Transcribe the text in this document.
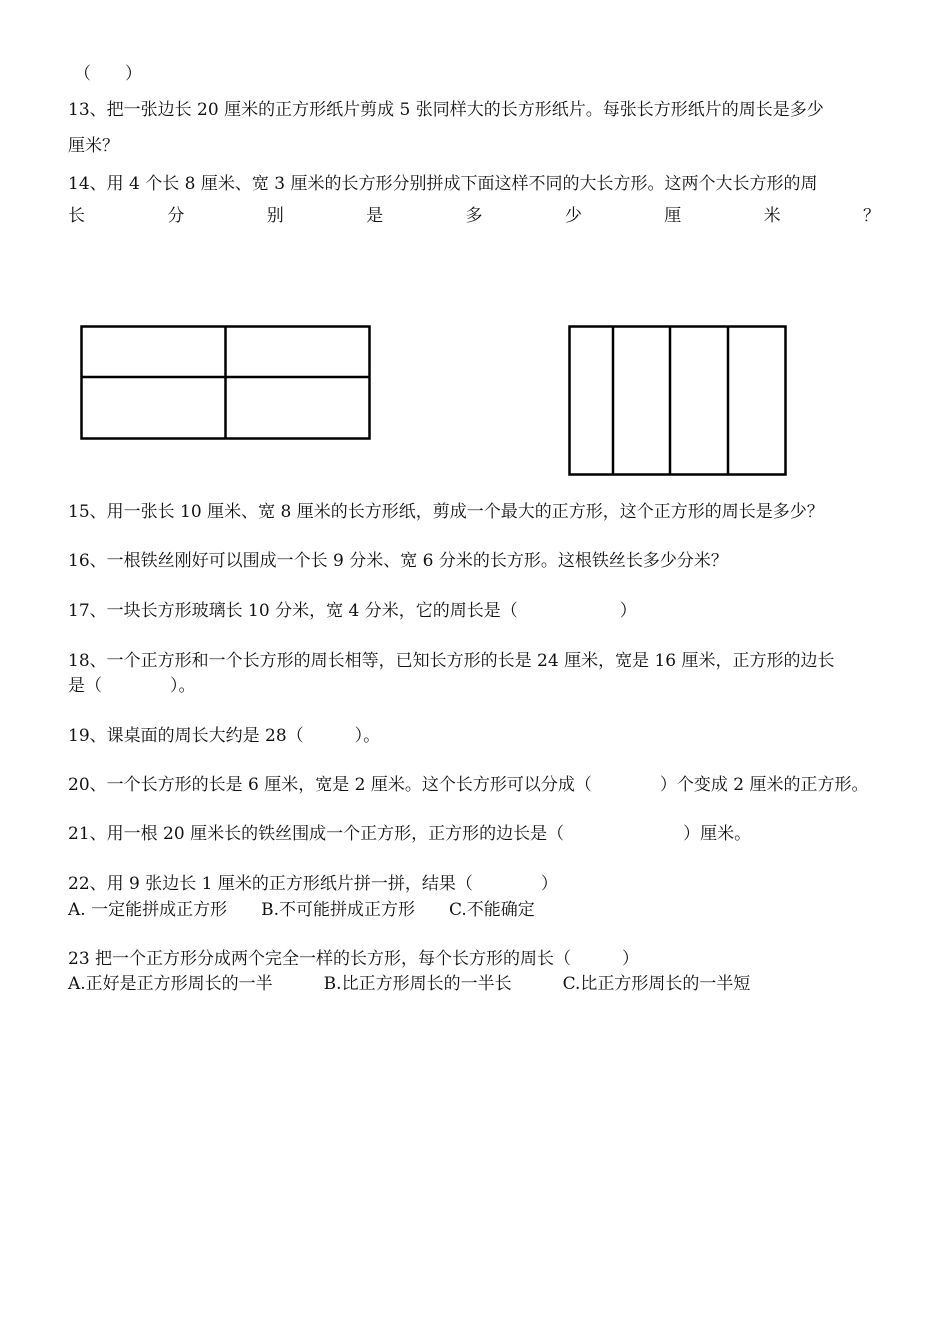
（　　）
13、把一张边长 20 厘米的正方形纸片剪成 5 张同样大的长方形纸片。每张长方形纸片的周长是多少
厘米？
14、用 4 个长 8 厘米、宽 3 厘米的长方形分别拼成下面这样不同的大长方形。这两个大长方形的周
长	分	别	是	多	少	厘	米	？
15、用一张长 10 厘米、宽 8 厘米的长方形纸，剪成一个最大的正方形，这个正方形的周长是多少？
16、一根铁丝刚好可以围成一个长 9 分米、宽 6 分米的长方形。这根铁丝长多少分米？
17、一块长方形玻璃长 10 分米，宽 4 分米，它的周长是（　　　　　　）
18、一个正方形和一个长方形的周长相等，已知长方形的长是 24 厘米，宽是 16 厘米，正方形的边长
是（　　　　）。
19、课桌面的周长大约是 28（　　　）。
20、一个长方形的长是 6 厘米，宽是 2 厘米。这个长方形可以分成（　　　　）个变成 2 厘米的正方形。
21、用一根 20 厘米长的铁丝围成一个正方形，正方形的边长是（　　　　　　　）厘米。
22、用 9 张边长 1 厘米的正方形纸片拼一拼，结果（　　　　）
A. 一定能拼成正方形　　B.不可能拼成正方形　　C.不能确定
23 把一个正方形分成两个完全一样的长方形，每个长方形的周长（　　　）
A.正好是正方形周长的一半　　　B.比正方形周长的一半长　　　C.比正方形周长的一半短
